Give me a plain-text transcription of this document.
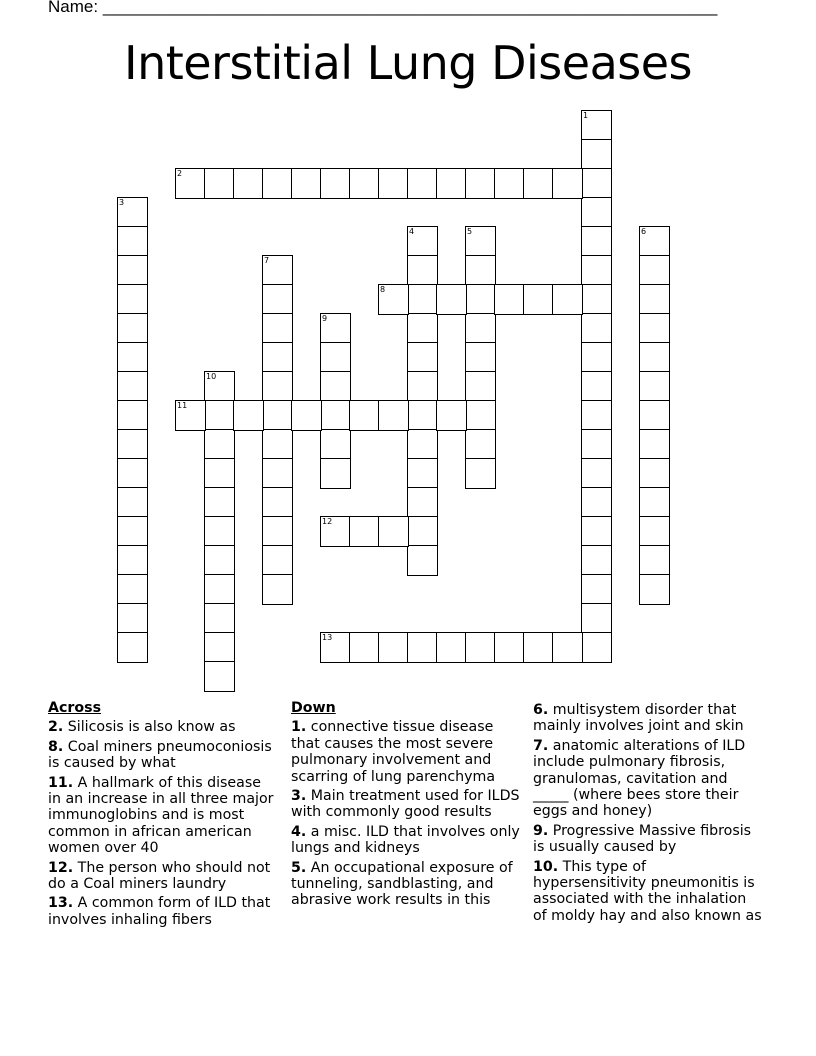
Name: _________________________________________________________________
Interstitial Lung Diseases
1
2
3
4	5	6
7
8
9
10
11
12
13
Across
2. Silicosis is also know as
8. Coal miners pneumoconiosis is caused by what
11. A hallmark of this disease in an increase in all three major immunoglobins and is most common in african american women over 40
12. The person who should not do a Coal miners laundry
13. A common form of ILD that involves inhaling fibers
Down
1. connective tissue disease that causes the most severe pulmonary involvement and scarring of lung parenchyma
3. Main treatment used for ILDS with commonly good results
4. a misc. ILD that involves only lungs and kidneys
5. An occupational exposure of tunneling, sandblasting, and abrasive work results in this
6. multisystem disorder that mainly involves joint and skin
7. anatomic alterations of ILD include pulmonary fibrosis, granulomas, cavitation and _____ (where bees store their eggs and honey)
9. Progressive Massive fibrosis is usually caused by
10. This type of hypersensitivity pneumonitis is associated with the inhalation of moldy hay and also known as
